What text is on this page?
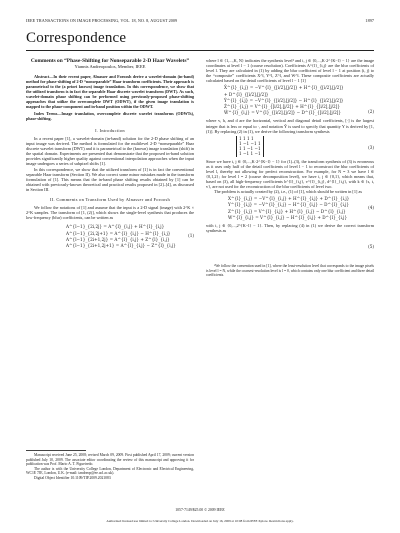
IEEE TRANSACTIONS ON IMAGE PROCESSING, VOL. 18, NO. 8, AUGUST 2009	1897
Correspondence

Comments on “Phase-Shifting for Nonseparable 2-D Haar Wavelets”

Yiannis Andreopoulos, Member, IEEE

Abstract—In their recent paper, Alnasser and Foroosh derive a wavelet-domain (in-band) method for phase-shifting of 2-D “nonseparable” Haar transform coefficients. Their approach is parametrical to the (a priori known) image translation. In this correspondence, we show that the utilized transform is in fact the separable Haar discrete wavelet transform (DWT). As such, wavelet-domain phase shifting can be performed using previously-proposed phase-shifting approaches that utilize the overcomplete DWT (ODWT), if the given image translation is mapped to the phase-component and in-band position within the ODWT.

Index Terms—Image translation, overcomplete discrete wavelet transforms (ODWTs), phase-shifting.

I. Introduction

In a recent paper [1], a wavelet-domain (in-band) solution for the 2-D phase shifting of an input image was derived. The method is formulated for the multilevel 2-D “nonseparable” Haar discrete wavelet transform (DWT) and it is parametrical to the (known) image translation (shift) in the spatial domain. Experiments are presented that demonstrate that the proposed in-band solution provides significantly higher quality against conventional interpolation approaches when the input image undergoes a series of subpixel shifts [1].

In this correspondence, we show that the utilized transform of [1] is in fact the conventional separable Haar transform (Section II). We also correct some minor mistakes made in the transform formulation of [1]. This means that the in-band phase shifting results obtained by [1] can be obtained with previously-known theoretical and practical results proposed in [2]–[4], as discussed in Section III.

II. Comments on Transform Used by Alnasser and Foroosh

We follow the notations of [1] and assume that the input is a 2-D signal (image) with 2^K × 2^K samples. The transform of [1, (2)], which shows the single-level synthesis that produces the low-frequency (blur) coefficients, can be written as

A^{l−1}_{2i,2j} = A^{l}_{i,j} + H^{l}_{i,j}
A^{l−1}_{2i,2j+1} = A^{l}_{i,j} − H^{l}_{i,j}
A^{l−1}_{2i+1,2j} = A^{l}_{i,j} + Z^{l}_{i,j}
A^{l−1}_{2i+1,2j+1} = A^{l}_{i,j} − Z^{l}_{i,j}
(1)

Manuscript received June 25, 2008; revised March 09, 2009. First published April 17, 2009; current version published July 10, 2009. The associate editor coordinating the review of this manuscript and approving it for publication was Prof. Mario A. T. Figueiredo.

The author is with the University College London, Department of Electronic and Electrical Engineering, WC1E 7JE, London, U.K. (e-mail: iandreop@ee.ucl.ac.uk).

Digital Object Identifier 10.1109/TIP.2009.2021083

where l ∈ {1,...,K, N} indicates the synthesis level¹ and i, j ∈ {0,...,K·2^{K−l} − 1} are the image coordinates at level l − 1 (coarse resolution). Coefficients A^{l}_{i,j} are the blur coefficients of level l. They are calculated in (1) by adding the blur coefficient of level l − 1 at position (i, j) to the “composite” coefficients X^l, Y^l, Z^l, and W^l. These composite coefficients are actually calculated based on the detail coefficients of level l − 1 [1]

X̂^{l}_{i,j} = −V^{l}_{[i/2],[j/2]} + H^{l}_{[i/2],[j/2]}
+ D^{l}_{[i/2],[j/2]}
Ŷ^{l}_{i,j} = −V^{l}_{[i/2],[j/2]} − H^{l}_{[i/2],[j/2]}
Ẑ^{l}_{i,j} = V^{l}_{[i/2],[j/2]} + H^{l}_{[i/2],[j/2]}
Ŵ^{l}_{i,j} = V^{l}_{[i/2],[j/2]} − D^{l}_{[i/2],[j/2]}	(2)

where v, h, and d are the horizontal, vertical and diagonal detail coefficients, [·] is the largest integer that is less or equal to ·, and notation Ŷ is used to specify that quantity Y is derived by [1, (1)]. By replacing (2) in (1), we derive the following transform synthesis

1 1 1 1
1 −1 −1 1
1 1 −1 −1
1 −1 1 −1
(3)

Since we have i, j ∈ {0,...,K·2^{K−l} − 1} for (1)–(3), the transform synthesis of (3) is erroneous as it uses only half of the detail coefficients of level l − 1 to reconstruct the blur coefficients of level l, thereby not allowing for perfect reconstruction. For example, for N = 3 we have l ∈ {0,1,2}; for level l = 2 (coarse decomposition level), we have i, j ∈ {0,1}, which means that, based on (3), all high-frequency coefficients h^{l}_{i,j}, v^{l}_{i,j}, d^{l}_{i,j}, with k ∈ {s, t, v}, are not used for the reconstruction of the blur coefficients of level two.

The problem is actually created by (2), i.e., (1) of [1], which should be written in [1] as

X^{l}_{i,j} = −V^{l}_{i,j} + H^{l}_{i,j} + D^{l}_{i,j}
Y^{l}_{i,j} = −V^{l}_{i,j} − H^{l}_{i,j} − D^{l}_{i,j}
Z^{l}_{i,j} = V^{l}_{i,j} + H^{l}_{i,j} − D^{l}_{i,j}
W^{l}_{i,j} = V^{l}_{i,j} − H^{l}_{i,j} + D^{l}_{i,j}
(4)

with i, j ∈ {0,...,2^{K−l} − 1}. Then, by replacing (4) in (1) we derive the correct transform synthesis as

(5)

¹We follow the convention used in [1], where the least-resolution level that corresponds to the image pixels is level l = N, while the coarsest-resolution level is l = 0, which contains only one blur coefficient and three detail coefficients.

1057-7149/$25.00 © 2009 IEEE
Authorized licensed use limited to: University College London. Downloaded on July 16, 2009 at 10:08 from IEEE Xplore. Restrictions apply.
